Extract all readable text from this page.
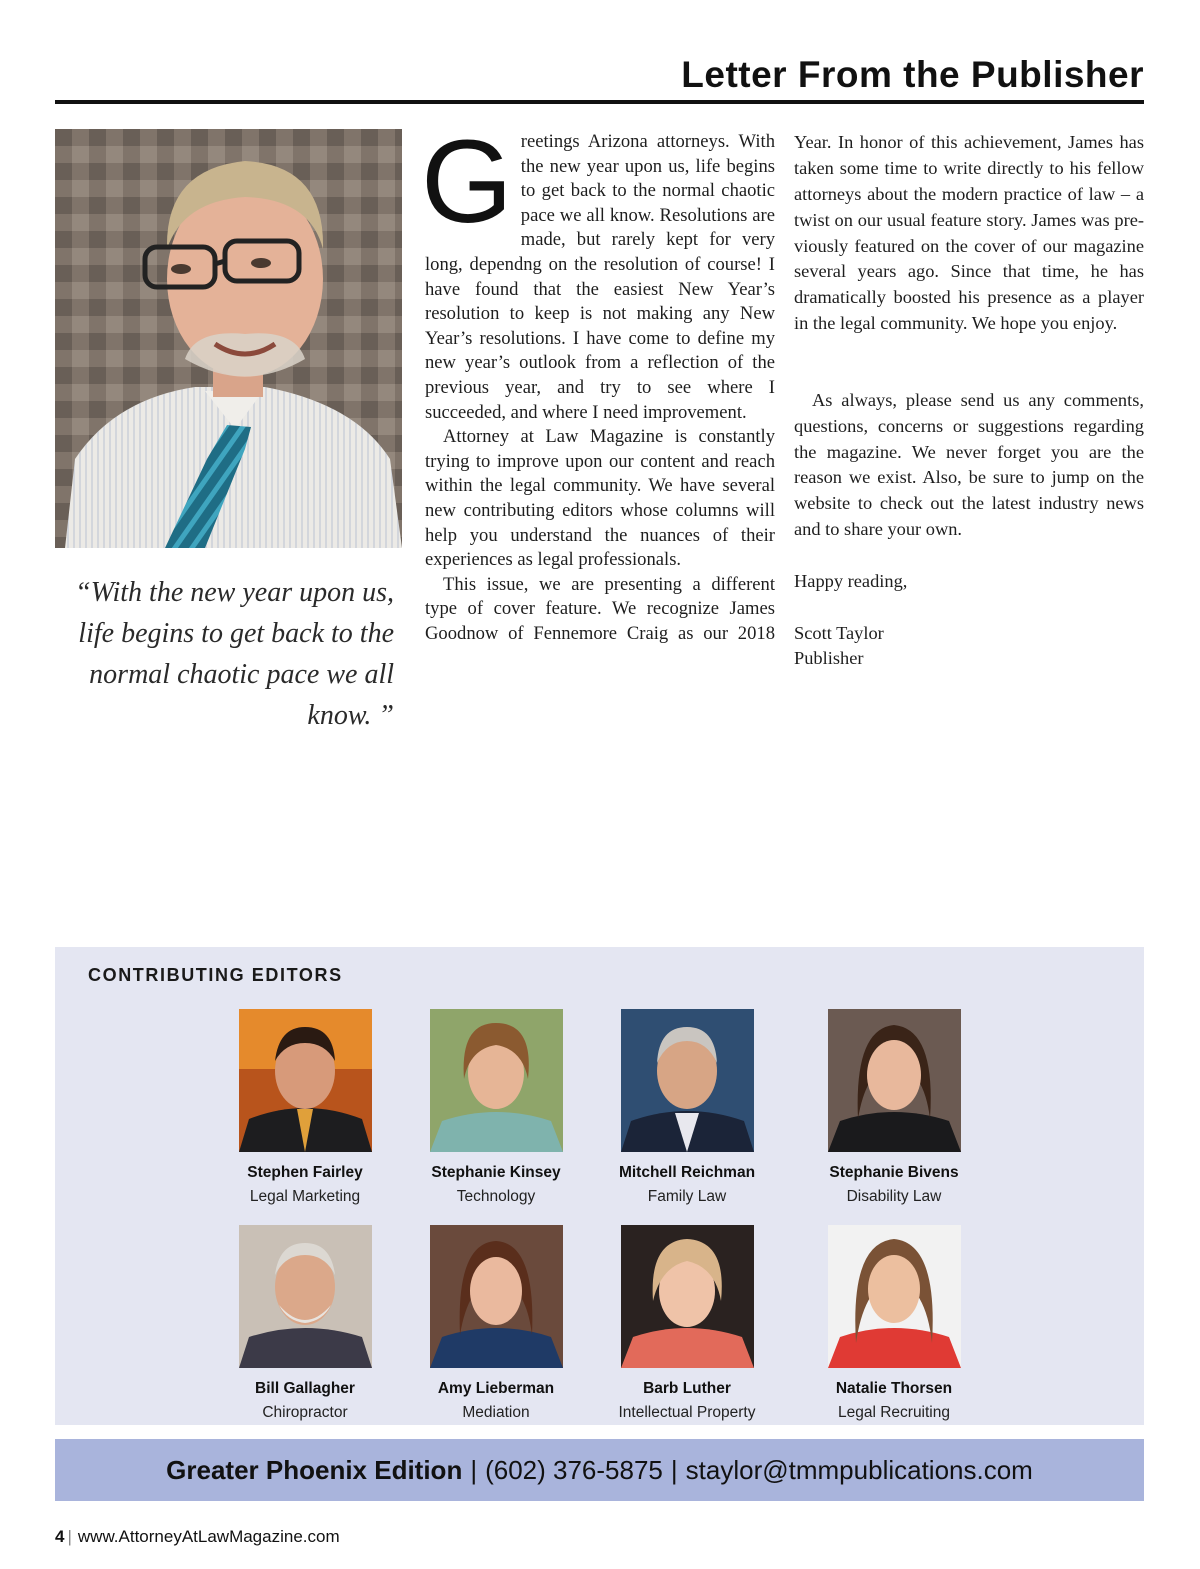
Letter From the Publisher
“With the new year upon us, life begins to get back to the normal chaotic pace we all know. ”

Greetings Arizona attorneys. With the new year upon us, life begins to get back to the normal chaotic pace we all know. Resolutions are made, but rarely kept for very long, dependng on the resolution of course! I have found that the easiest New Year’s resolution to keep is not making any New Year’s resolutions. I have come to define my new year’s outlook from a reflection of the previous year, and try to see where I succeeded, and where I need improvement.

Attorney at Law Magazine is constantly trying to improve upon our content and reach within the legal community. We have several new contributing editors whose columns will help you understand the nuances of their experiences as legal professionals.

This issue, we are presenting a different type of cover feature. We recognize James Goodnow of Fennemore Craig as our 2018

Year. In honor of this achievement, James has taken some time to write directly to his fellow attorneys about the modern practice of law – a twist on our usual feature story. James was previously featured on the cover of our magazine several years ago. Since that time, he has dramatically boosted his presence as a player in the legal community. We hope you enjoy.

As always, please send us any comments, questions, concerns or suggestions regarding the magazine. We never forget you are the reason we exist. Also, be sure to jump on the website to check out the latest industry news and to share your own.

Happy reading,

Scott Taylor

Publisher

CONTRIBUTING EDITORS
Stephen Fairley
Legal Marketing
Stephanie Kinsey
Technology
Mitchell Reichman
Family Law
Stephanie Bivens
Disability Law
Bill Gallagher
Chiropractor
Amy Lieberman
Mediation
Barb Luther
Intellectual Property
Natalie Thorsen
Legal Recruiting
Greater Phoenix Edition | (602) 376-5875 | staylor@tmmpublications.com
4 | www.AttorneyAtLawMagazine.com
